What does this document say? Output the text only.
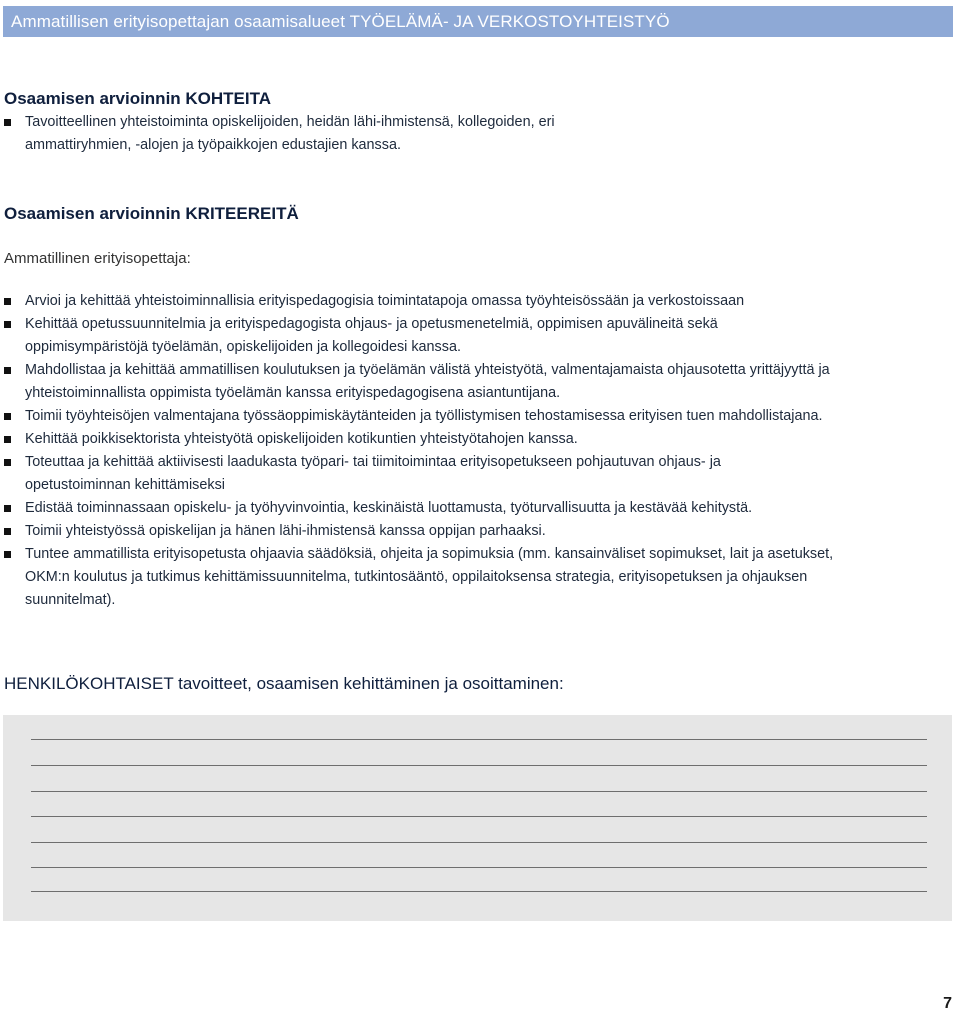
Ammatillisen erityisopettajan osaamisalueet TYÖELÄMÄ- JA VERKOSTOYHTEISTYÖ
Osaamisen arvioinnin KOHTEITA
Tavoitteellinen yhteistoiminta opiskelijoiden, heidän lähi-ihmistensä, kollegoiden, eri ammattiryhmien, -alojen ja työpaikkojen edustajien kanssa.
Osaamisen arvioinnin KRITEEREITÄ
Ammatillinen erityisopettaja:
Arvioi ja kehittää yhteistoiminnallisia erityispedagogisia toimintatapoja omassa työyhteisössään ja verkostoissaan
Kehittää opetussuunnitelmia ja erityispedagogista ohjaus- ja opetusmenetelmiä, oppimisen apuvälineitä sekä oppimisympäristöjä työelämän, opiskelijoiden ja kollegoidesi kanssa.
Mahdollistaa ja kehittää ammatillisen koulutuksen ja työelämän välistä yhteistyötä, valmentajamaista ohjausotetta yrittäjyyttä ja yhteistoiminnallista oppimista työelämän kanssa erityispedagogisena asiantuntijana.
Toimii työyhteisöjen valmentajana työssäoppimiskäytänteiden ja työllistymisen tehostamisessa erityisen tuen mahdollistajana.
Kehittää poikkisektorista yhteistyötä opiskelijoiden kotikuntien yhteistyötahojen kanssa.
Toteuttaa ja kehittää aktiivisesti laadukasta työpari- tai tiimitoimintaa erityisopetukseen pohjautuvan ohjaus- ja opetustoiminnan kehittämiseksi
Edistää toiminnassaan opiskelu- ja työhyvinvointia, keskinäistä luottamusta, työturvallisuutta ja kestävää kehitystä.
Toimii yhteistyössä opiskelijan ja hänen lähi-ihmistensä kanssa oppijan parhaaksi.
Tuntee ammatillista erityisopetusta ohjaavia säädöksiä, ohjeita ja sopimuksia (mm. kansainväliset sopimukset, lait ja asetukset, OKM:n koulutus ja tutkimus kehittämissuunnitelma, tutkintosääntö, oppilaitoksensa strategia, erityisopetuksen ja ohjauksen suunnitelmat).
HENKILÖKOHTAISET tavoitteet, osaamisen kehittäminen ja osoittaminen:
7
